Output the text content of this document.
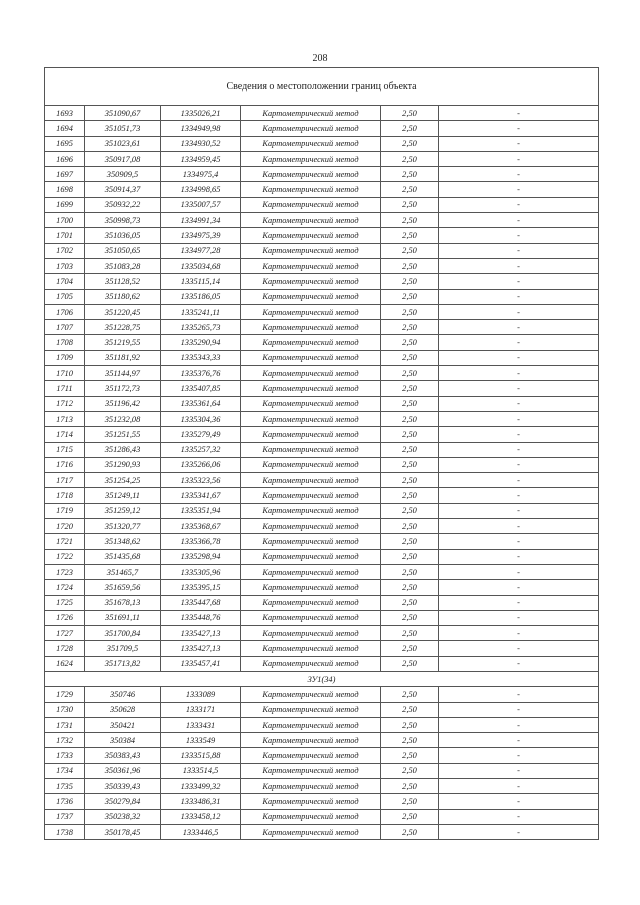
208
Сведения о местоположении границ объекта					
1693	351090,67	1335026,21	Картометрический метод	2,50	-
1694	351051,73	1334949,98	Картометрический метод	2,50	-
1695	351023,61	1334930,52	Картометрический метод	2,50	-
1696	350917,08	1334959,45	Картометрический метод	2,50	-
1697	350909,5	1334975,4	Картометрический метод	2,50	-
1698	350914,37	1334998,65	Картометрический метод	2,50	-
1699	350932,22	1335007,57	Картометрический метод	2,50	-
1700	350998,73	1334991,34	Картометрический метод	2,50	-
1701	351036,05	1334975,39	Картометрический метод	2,50	-
1702	351050,65	1334977,28	Картометрический метод	2,50	-
1703	351083,28	1335034,68	Картометрический метод	2,50	-
1704	351128,52	1335115,14	Картометрический метод	2,50	-
1705	351180,62	1335186,05	Картометрический метод	2,50	-
1706	351220,45	1335241,11	Картометрический метод	2,50	-
1707	351228,75	1335265,73	Картометрический метод	2,50	-
1708	351219,55	1335290,94	Картометрический метод	2,50	-
1709	351181,92	1335343,33	Картометрический метод	2,50	-
1710	351144,97	1335376,76	Картометрический метод	2,50	-
1711	351172,73	1335407,85	Картометрический метод	2,50	-
1712	351196,42	1335361,64	Картометрический метод	2,50	-
1713	351232,08	1335304,36	Картометрический метод	2,50	-
1714	351251,55	1335279,49	Картометрический метод	2,50	-
1715	351286,43	1335257,32	Картометрический метод	2,50	-
1716	351290,93	1335266,06	Картометрический метод	2,50	-
1717	351254,25	1335323,56	Картометрический метод	2,50	-
1718	351249,11	1335341,67	Картометрический метод	2,50	-
1719	351259,12	1335351,94	Картометрический метод	2,50	-
1720	351320,77	1335368,67	Картометрический метод	2,50	-
1721	351348,62	1335366,78	Картометрический метод	2,50	-
1722	351435,68	1335298,94	Картометрический метод	2,50	-
1723	351465,7	1335305,96	Картометрический метод	2,50	-
1724	351659,56	1335395,15	Картометрический метод	2,50	-
1725	351678,13	1335447,68	Картометрический метод	2,50	-
1726	351691,11	1335448,76	Картометрический метод	2,50	-
1727	351700,84	1335427,13	Картометрический метод	2,50	-
1728	351709,5	1335427,13	Картометрический метод	2,50	-
1624	351713,82	1335457,41	Картометрический метод	2,50	-
ЗУ1(34)					
1729	350746	1333089	Картометрический метод	2,50	-
1730	350628	1333171	Картометрический метод	2,50	-
1731	350421	1333431	Картометрический метод	2,50	-
1732	350384	1333549	Картометрический метод	2,50	-
1733	350383,43	1333515,88	Картометрический метод	2,50	-
1734	350361,96	1333514,5	Картометрический метод	2,50	-
1735	350339,43	1333499,32	Картометрический метод	2,50	-
1736	350279,84	1333486,31	Картометрический метод	2,50	-
1737	350238,32	1333458,12	Картометрический метод	2,50	-
1738	350178,45	1333446,5	Картометрический метод	2,50	-
